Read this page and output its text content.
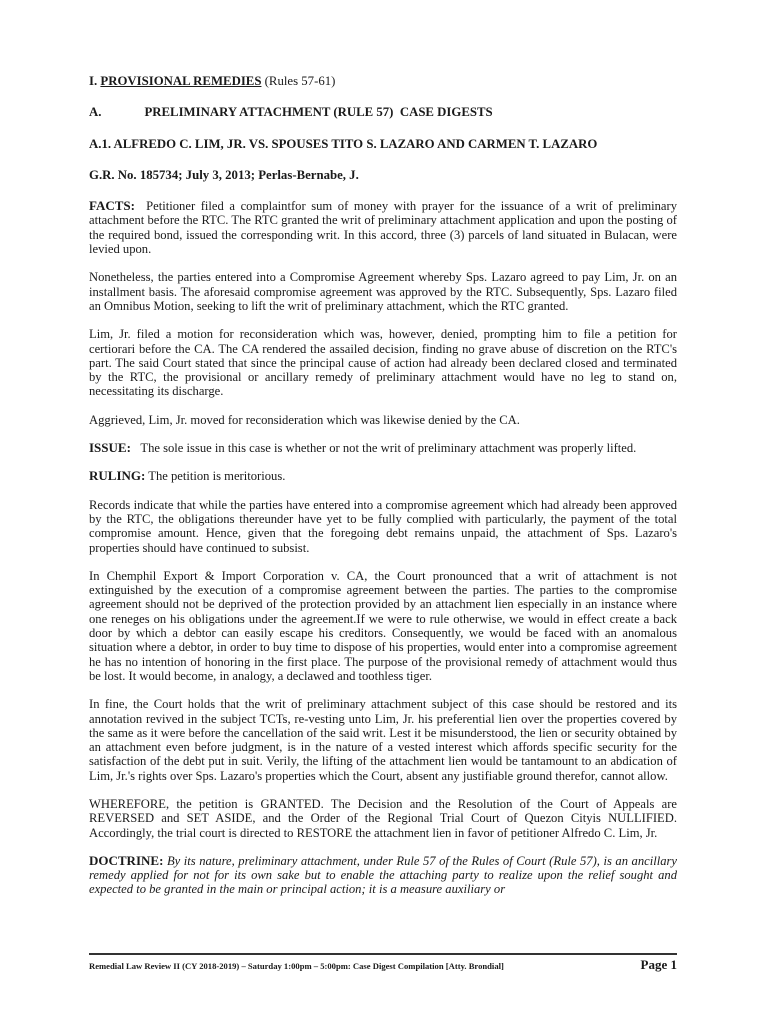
I. PROVISIONAL REMEDIES (Rules 57-61)

A.	PRELIMINARY ATTACHMENT (RULE 57)  CASE DIGESTS

A.1. ALFREDO C. LIM, JR. VS. SPOUSES TITO S. LAZARO AND CARMEN T. LAZARO

G.R. No. 185734; July 3, 2013; Perlas-Bernabe, J.

FACTS: Petitioner filed a complaintfor sum of money with prayer for the issuance of a writ of preliminary attachment before the RTC. The RTC granted the writ of preliminary attachment application and upon the posting of the required bond, issued the corresponding writ. In this accord, three (3) parcels of land situated in Bulacan, were levied upon.

Nonetheless, the parties entered into a Compromise Agreement whereby Sps. Lazaro agreed to pay Lim, Jr. on an installment basis. The aforesaid compromise agreement was approved by the RTC. Subsequently, Sps. Lazaro filed an Omnibus Motion, seeking to lift the writ of preliminary attachment, which the RTC granted.

Lim, Jr. filed a motion for reconsideration which was, however, denied, prompting him to file a petition for certiorari before the CA. The CA rendered the assailed decision, finding no grave abuse of discretion on the RTC's part. The said Court stated that since the principal cause of action had already been declared closed and terminated by the RTC, the provisional or ancillary remedy of preliminary attachment would have no leg to stand on, necessitating its discharge.

Aggrieved, Lim, Jr. moved for reconsideration which was likewise denied by the CA.

ISSUE: The sole issue in this case is whether or not the writ of preliminary attachment was properly lifted.

RULING: The petition is meritorious.

Records indicate that while the parties have entered into a compromise agreement which had already been approved by the RTC, the obligations thereunder have yet to be fully complied with particularly, the payment of the total compromise amount. Hence, given that the foregoing debt remains unpaid, the attachment of Sps. Lazaro's properties should have continued to subsist.

In Chemphil Export & Import Corporation v. CA, the Court pronounced that a writ of attachment is not extinguished by the execution of a compromise agreement between the parties. The parties to the compromise agreement should not be deprived of the protection provided by an attachment lien especially in an instance where one reneges on his obligations under the agreement.If we were to rule otherwise, we would in effect create a back door by which a debtor can easily escape his creditors. Consequently, we would be faced with an anomalous situation where a debtor, in order to buy time to dispose of his properties, would enter into a compromise agreement he has no intention of honoring in the first place. The purpose of the provisional remedy of attachment would thus be lost. It would become, in analogy, a declawed and toothless tiger.

In fine, the Court holds that the writ of preliminary attachment subject of this case should be restored and its annotation revived in the subject TCTs, re-vesting unto Lim, Jr. his preferential lien over the properties covered by the same as it were before the cancellation of the said writ. Lest it be misunderstood, the lien or security obtained by an attachment even before judgment, is in the nature of a vested interest which affords specific security for the satisfaction of the debt put in suit. Verily, the lifting of the attachment lien would be tantamount to an abdication of Lim, Jr.'s rights over Sps. Lazaro's properties which the Court, absent any justifiable ground therefor, cannot allow.

WHEREFORE, the petition is GRANTED. The Decision and the Resolution of the Court of Appeals are REVERSED and SET ASIDE, and the Order of the Regional Trial Court of Quezon Cityis NULLIFIED. Accordingly, the trial court is directed to RESTORE the attachment lien in favor of petitioner Alfredo C. Lim, Jr.

DOCTRINE: By its nature, preliminary attachment, under Rule 57 of the Rules of Court (Rule 57), is an ancillary remedy applied for not for its own sake but to enable the attaching party to realize upon the relief sought and expected to be granted in the main or principal action; it is a measure auxiliary or

Remedial Law Review II (CY 2018-2019) – Saturday 1:00pm – 5:00pm: Case Digest Compilation [Atty. Brondial]	Page 1
